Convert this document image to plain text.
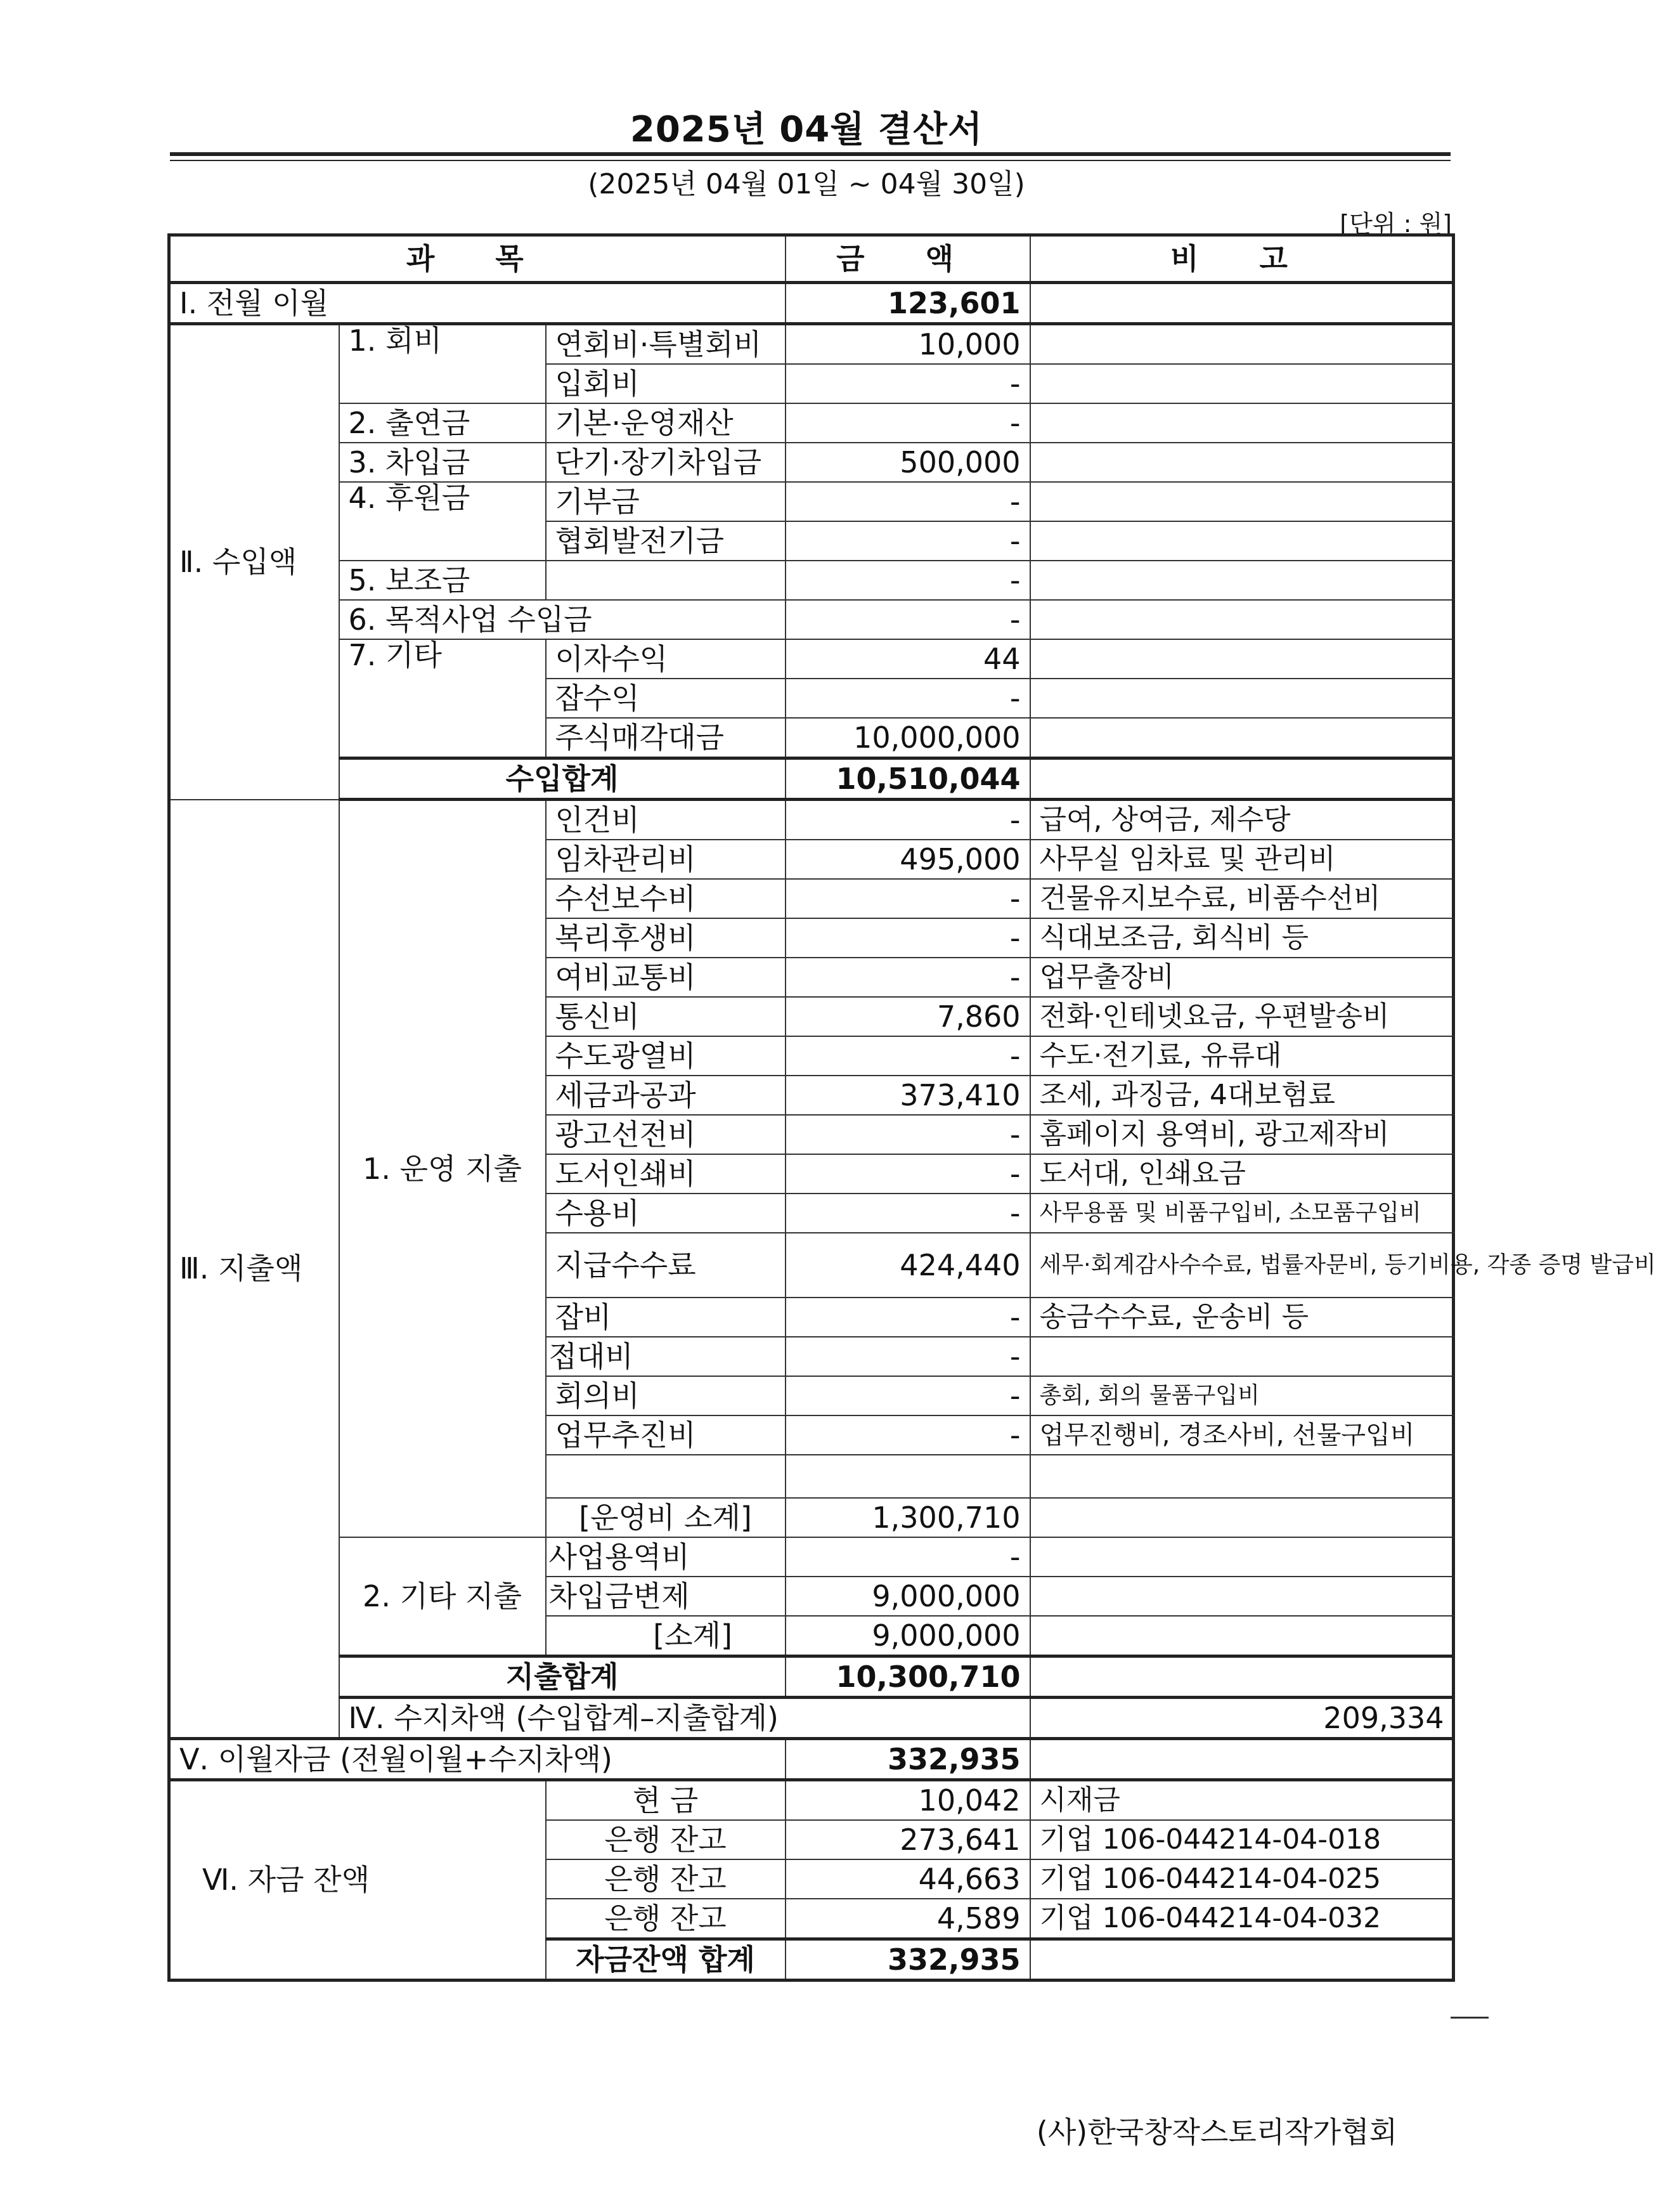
2025년 04월 결산서
(2025년 04월 01일 ~ 04월 30일)
[단위 : 원]
과 목			금 액	비 고	
Ⅰ. 전월 이월			123,601		
Ⅱ. 수입액	1. 회비	연회비·특별회비	10,000		
		입회비	-		
	2. 출연금	기본·운영재산	-		
	3. 차입금	단기·장기차입금	500,000		
	4. 후원금	기부금	-		
		협회발전기금	-		
	5. 보조금		-		
	6. 목적사업 수입금		-		
	7. 기타	이자수익	44		
		잡수익	-		
		주식매각대금	10,000,000		
	수입합계		10,510,044		
Ⅲ. 지출액	1. 운영 지출	인건비	-	급여, 상여금, 제수당	
		임차관리비	495,000	사무실 임차료 및 관리비	
		수선보수비	-	건물유지보수료, 비품수선비	
		복리후생비	-	식대보조금, 회식비 등	
		여비교통비	-	업무출장비	
		통신비	7,860	전화·인테넷요금, 우편발송비	
		수도광열비	-	수도·전기료, 유류대	
		세금과공과	373,410	조세, 과징금, 4대보험료	
		광고선전비	-	홈페이지 용역비, 광고제작비	
		도서인쇄비	-	도서대, 인쇄요금	
		수용비	-	사무용품 및 비품구입비, 소모품구입비	
		지급수수료	424,440	세무·회계감사수수료, 법률자문비, 등기비용, 각종 증명 발급비	
		잡비	-	송금수수료, 운송비 등	
		접대비	-		
		회의비	-	총회, 회의 물품구입비	
		업무추진비	-	업무진행비, 경조사비, 선물구입비	

		[운영비 소계]	1,300,710		
	2. 기타 지출	사업용역비	-		
		차입금변제	9,000,000		
		[소계]	9,000,000		
	지출합계		10,300,710		
	Ⅳ. 수지차액 (수입합계–지출합계)			209,334	
Ⅴ. 이월자금 (전월이월+수지차액)			332,935		
Ⅵ. 자금 잔액		현 금	10,042	시재금	
		은행 잔고	273,641	기업 106-044214-04-018	
		은행 잔고	44,663	기업 106-044214-04-025	
		은행 잔고	4,589	기업 106-044214-04-032	
		자금잔액 합계	332,935		
(사)한국창작스토리작가협회
